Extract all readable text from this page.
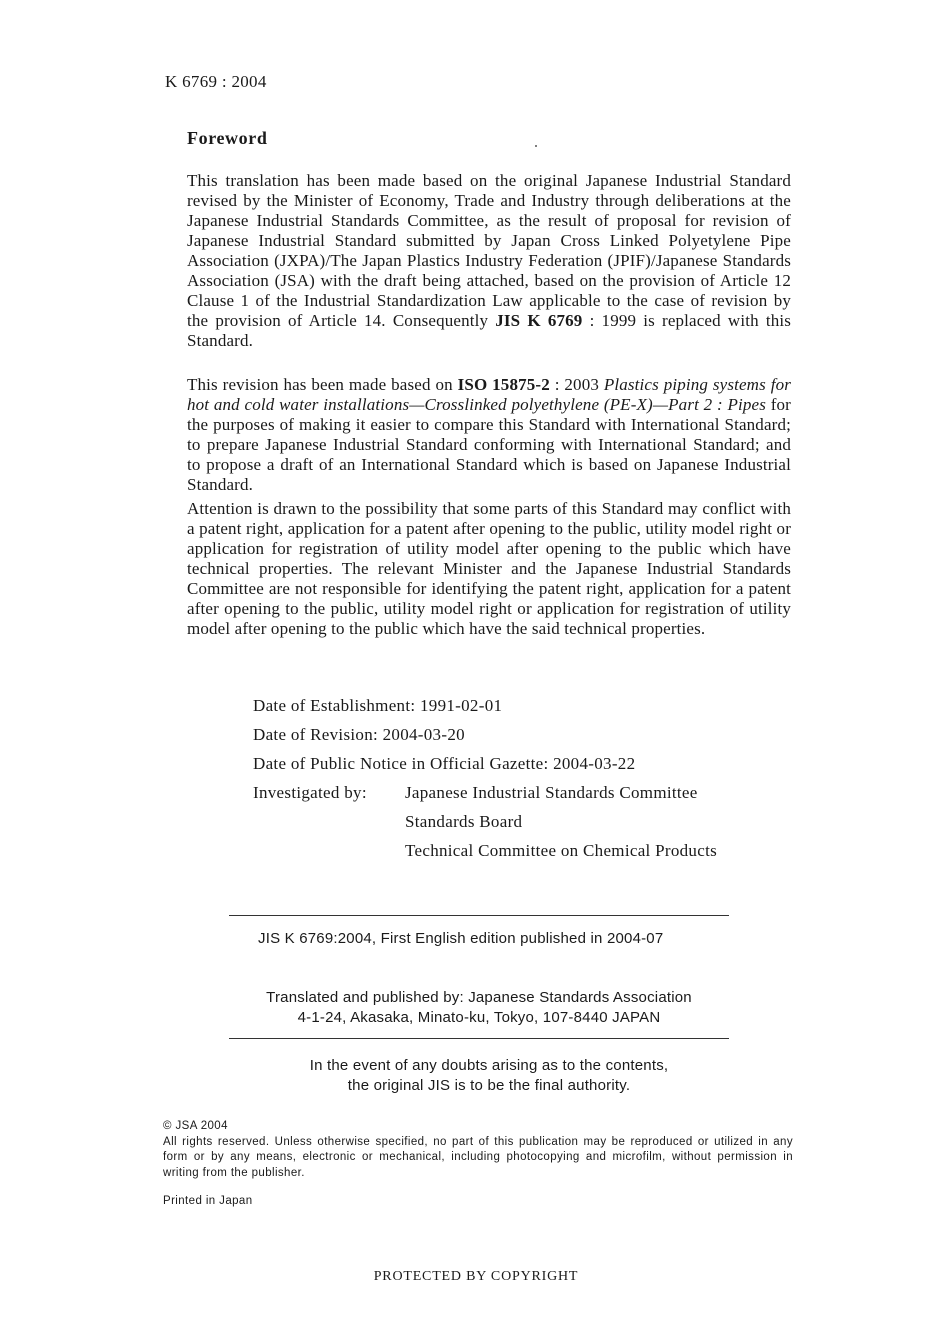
K 6769 : 2004
Foreword
This translation has been made based on the original Japanese Industrial Standard revised by the Minister of Economy, Trade and Industry through deliberations at the Japanese Industrial Standards Committee, as the result of proposal for revision of Japanese Industrial Standard submitted by Japan Cross Linked Polyetylene Pipe Association (JXPA)/The Japan Plastics Industry Federation (JPIF)/Japanese Standards Association (JSA) with the draft being attached, based on the provision of Article 12 Clause 1 of the Industrial Standardization Law applicable to the case of revision by the provision of Article 14. Consequently JIS K 6769 : 1999 is replaced with this Standard.
This revision has been made based on ISO 15875-2 : 2003 Plastics piping systems for hot and cold water installations—Crosslinked polyethylene (PE-X)—Part 2 : Pipes for the purposes of making it easier to compare this Standard with International Standard; to prepare Japanese Industrial Standard conforming with International Standard; and to propose a draft of an International Standard which is based on Japanese Industrial Standard.
Attention is drawn to the possibility that some parts of this Standard may conflict with a patent right, application for a patent after opening to the public, utility model right or application for registration of utility model after opening to the public which have technical properties. The relevant Minister and the Japanese Industrial Standards Committee are not responsible for identifying the patent right, application for a patent after opening to the public, utility model right or application for registration of utility model after opening to the public which have the said technical properties.
Date of Establishment: 1991-02-01
Date of Revision: 2004-03-20
Date of Public Notice in Official Gazette: 2004-03-22
Investigated by:	Japanese Industrial Standards Committee
Standards Board
Technical Committee on Chemical Products
JIS K 6769:2004, First English edition published in 2004-07
Translated and published by: Japanese Standards Association
4-1-24, Akasaka, Minato-ku, Tokyo, 107-8440 JAPAN
In the event of any doubts arising as to the contents,
the original JIS is to be the final authority.
© JSA 2004
All rights reserved. Unless otherwise specified, no part of this publication may be reproduced or utilized in any form or by any means, electronic or mechanical, including photocopying and microfilm, without permission in writing from the publisher.
Printed in Japan
PROTECTED BY COPYRIGHT
